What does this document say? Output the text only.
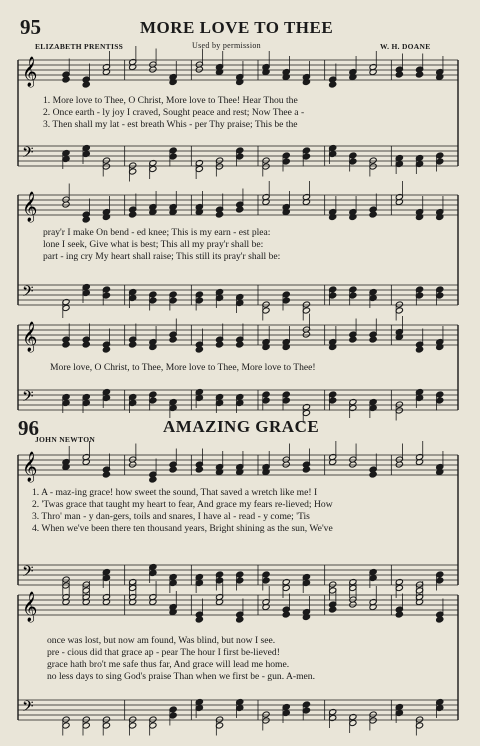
95	MORE LOVE TO THEE
ELIZABETH PRENTISS	Used by permission	W. H. DOANE
𝄞
𝄢
𝄞
𝄢
𝄞
𝄢
𝄞
𝄢
𝄞
𝄢
1. More love to Thee, O Christ, More love to Thee! Hear Thou the
2. Once earth - ly joy I craved, Sought peace and rest; Now Thee a -
3. Then shall my lat - est breath Whis - per Thy praise; This be the
pray'r I make On bend - ed knee; This is my earn - est plea:
lone I seek, Give what is best; This all my pray'r shall be:
part - ing cry My heart shall raise; This still its pray'r shall be:
More love, O Christ, to Thee, More love to Thee, More love to Thee!
96	AMAZING GRACE
JOHN NEWTON
1. A - maz-ing grace! how sweet the sound, That saved a wretch like me! I
2. 'Twas grace that taught my heart to fear, And grace my fears re-lieved; How
3. Thro' man - y dan-gers, toils and snares, I have al - read - y come; 'Tis
4. When we've been there ten thousand years, Bright shining as the sun, We've
once was lost, but now am found, Was blind, but now I see.
pre - cious did that grace ap - pear The hour I first be-lieved!
grace hath bro't me safe thus far, And grace will lead me home.
no less days to sing God's praise Than when we first be - gun. A-men.
